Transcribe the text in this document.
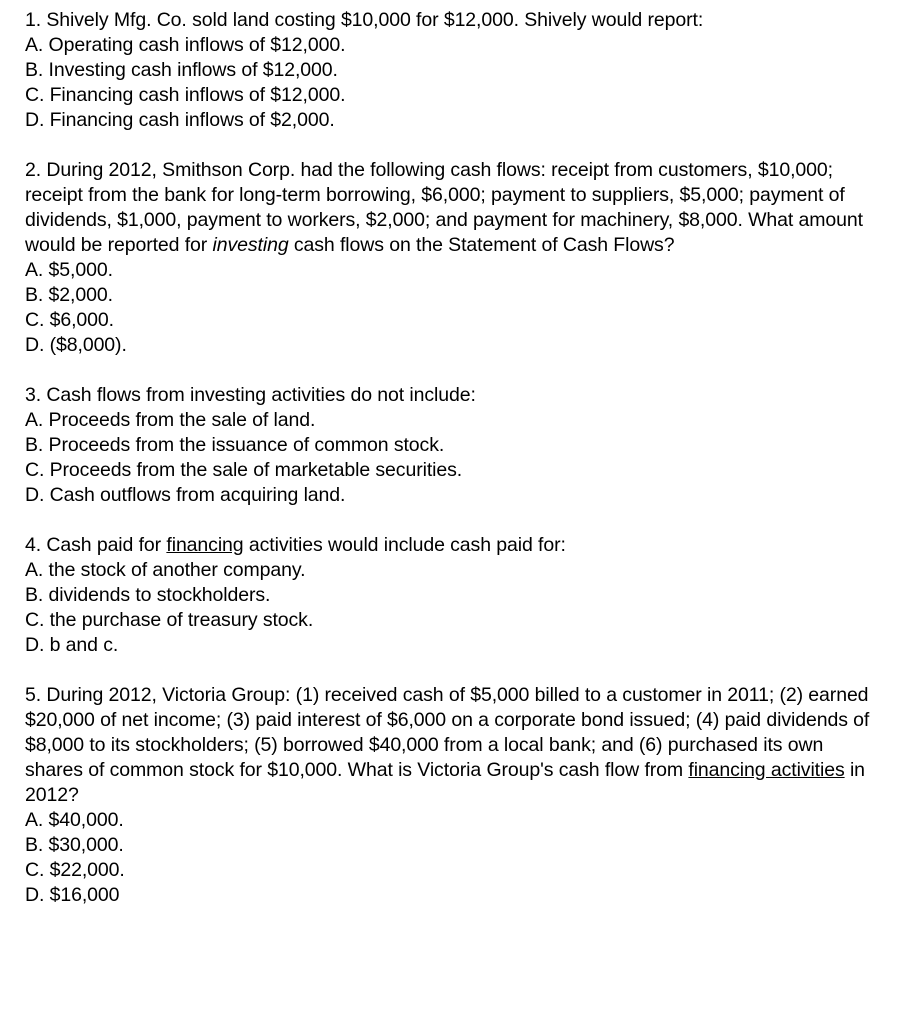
1. Shively Mfg. Co. sold land costing $10,000 for $12,000. Shively would report:

A. Operating cash inflows of $12,000.

B. Investing cash inflows of $12,000.

C. Financing cash inflows of $12,000.

D. Financing cash inflows of $2,000.

2. During 2012, Smithson Corp. had the following cash flows: receipt from customers, $10,000; receipt from the bank for long-term borrowing, $6,000; payment to suppliers, $5,000; payment of dividends, $1,000, payment to workers, $2,000; and payment for machinery, $8,000. What amount would be reported for investing cash flows on the Statement of Cash Flows?

A. $5,000.

B. $2,000.

C. $6,000.

D. ($8,000).

3. Cash flows from investing activities do not include:

A. Proceeds from the sale of land.

B. Proceeds from the issuance of common stock.

C. Proceeds from the sale of marketable securities.

D. Cash outflows from acquiring land.

4. Cash paid for financing activities would include cash paid for:

A. the stock of another company.

B. dividends to stockholders.

C. the purchase of treasury stock.

D. b and c.

5. During 2012, Victoria Group: (1) received cash of $5,000 billed to a customer in 2011; (2) earned $20,000 of net income; (3) paid interest of $6,000 on a corporate bond issued; (4) paid dividends of $8,000 to its stockholders; (5) borrowed $40,000 from a local bank; and (6) purchased its own shares of common stock for $10,000. What is Victoria Group's cash flow from financing activities in 2012?

A. $40,000.

B. $30,000.

C. $22,000.

D. $16,000
